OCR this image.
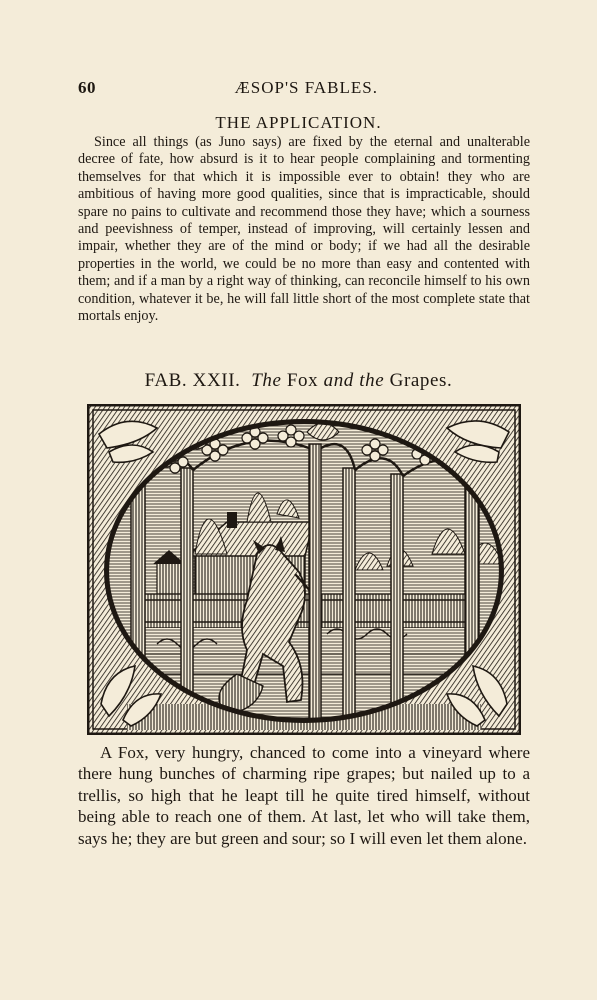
60	ÆSOP'S FABLES.
THE APPLICATION.

Since all things (as Juno says) are fixed by the eternal and unalterable decree of fate, how absurd is it to hear people complaining and tormenting themselves for that which it is impossible ever to obtain! they who are ambitious of having more good qualities, since that is impracticable, should spare no pains to cultivate and recommend those they have; which a sourness and peevishness of temper, instead of improving, will certainly lessen and impair, whether they are of the mind or body; if we had all the desirable properties in the world, we could be no more than easy and contented with them; and if a man by a right way of thinking, can reconcile himself to his own condition, whatever it be, he will fall little short of the most complete state that mortals enjoy.

FAB. XXII. The Fox and the Grapes.

A Fox, very hungry, chanced to come into a vineyard where there hung bunches of charming ripe grapes; but nailed up to a trellis, so high that he leapt till he quite tired himself, without being able to reach one of them. At last, let who will take them, says he; they are but green and sour; so I will even let them alone.
